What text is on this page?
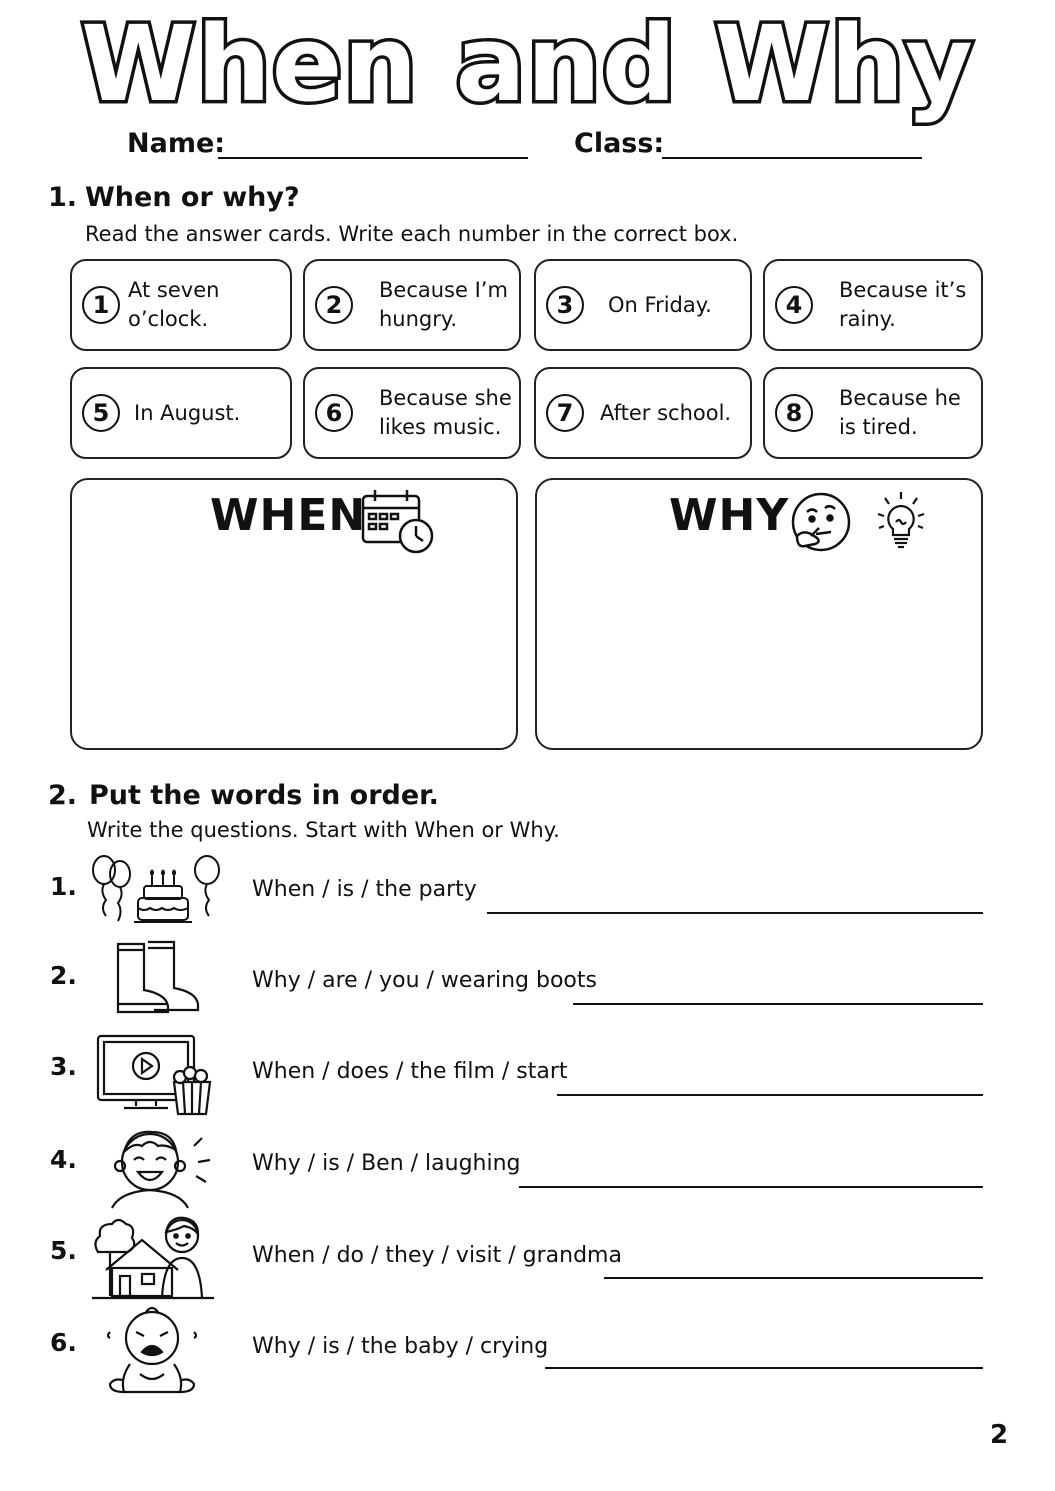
When and Why
Name:	Class:
1. When or why?
Read the answer cards. Write each number in the correct box.
1
At seven o’clock.	2
Because I’m
hungry.	3	On Friday.	4
Because it’s
rainy.
5	In August.	6
Because she
likes music.	7	After school.	8
Because he
is tired.
WHEN	WHY
2. Put the words in order.
Write the questions. Start with When or Why.
1.	When / is / the party
2.	Why / are / you / wearing boots
3.	When / does / the film / start
4.	Why / is / Ben / laughing
5.	When / do / they / visit / grandma
6.	Why / is / the baby / crying
2
